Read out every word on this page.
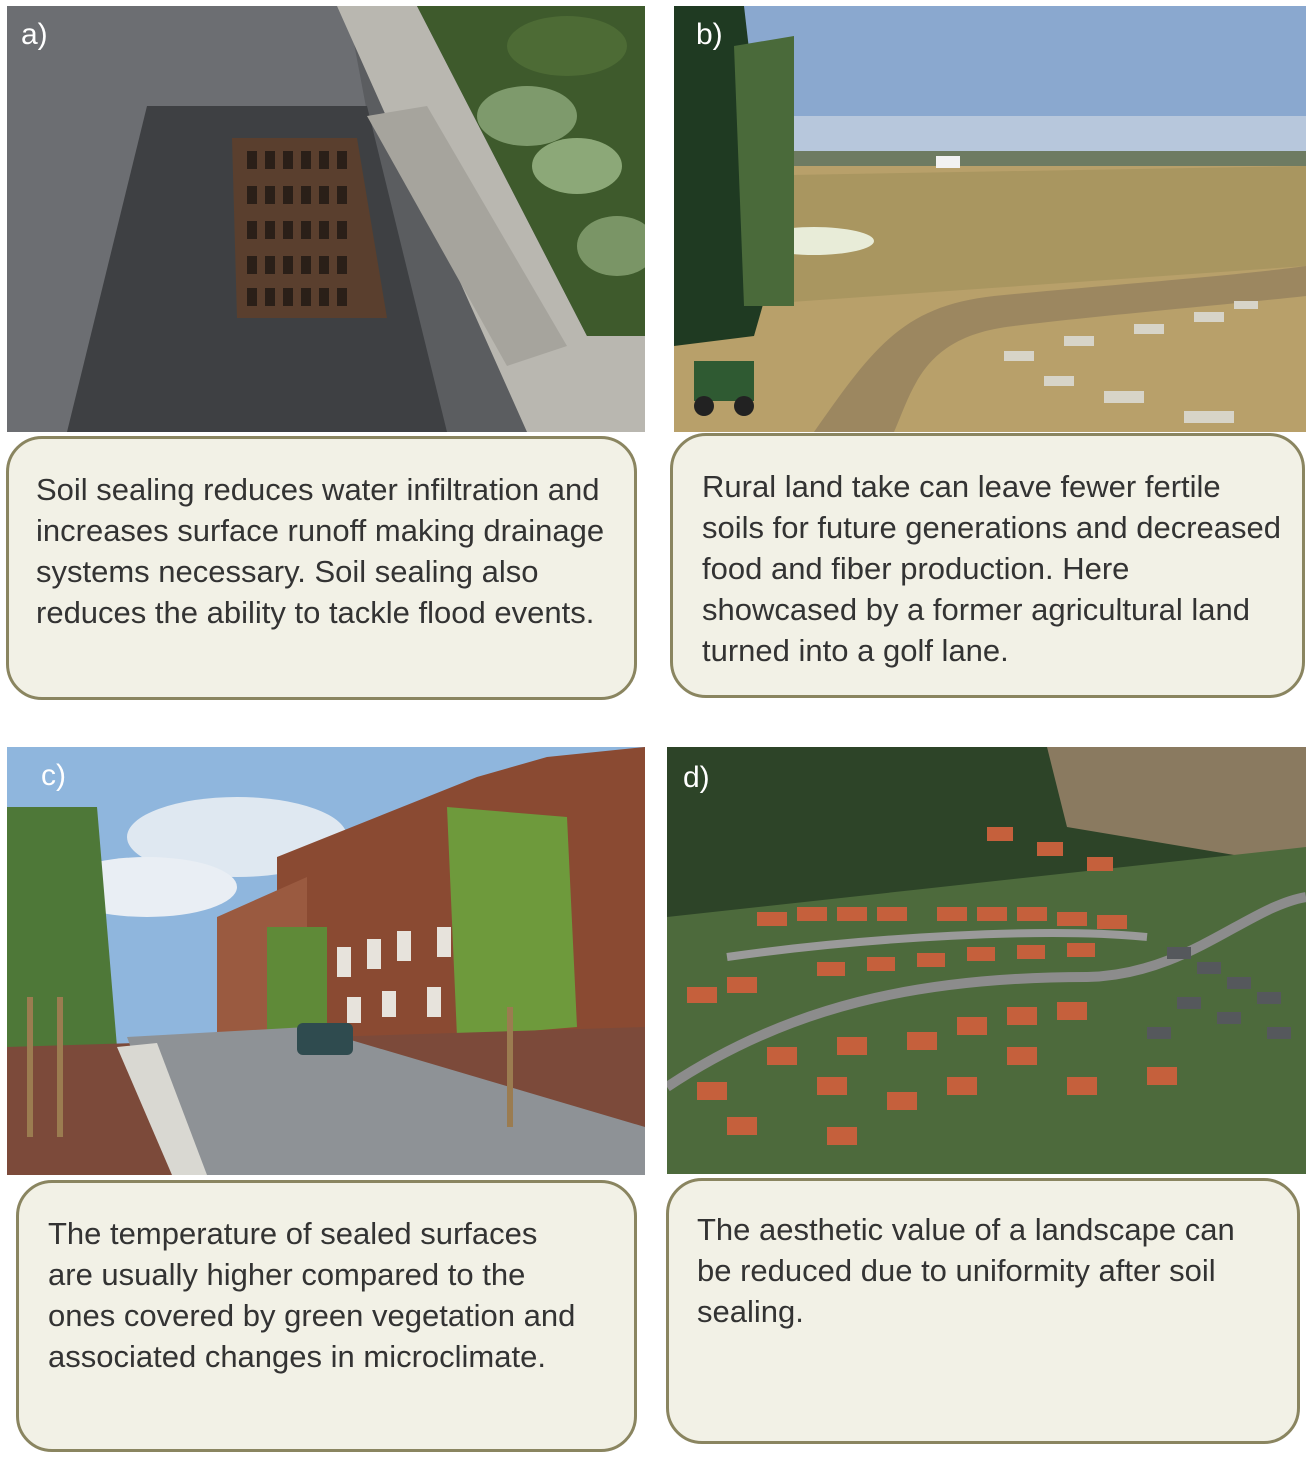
a)	b)
c)	d)
Soil sealing reduces water infiltration and increases surface runoff making drainage systems necessary. Soil sealing also reduces the ability to tackle flood events.
Rural land take can leave fewer fertile soils for future generations and decreased food and fiber production. Here showcased by a former agricultural land turned into a golf lane.
The temperature of sealed surfaces are usually higher compared to the ones covered by green vegetation and associated changes in microclimate.
The aesthetic value of a landscape can be reduced due to uniformity after soil sealing.
